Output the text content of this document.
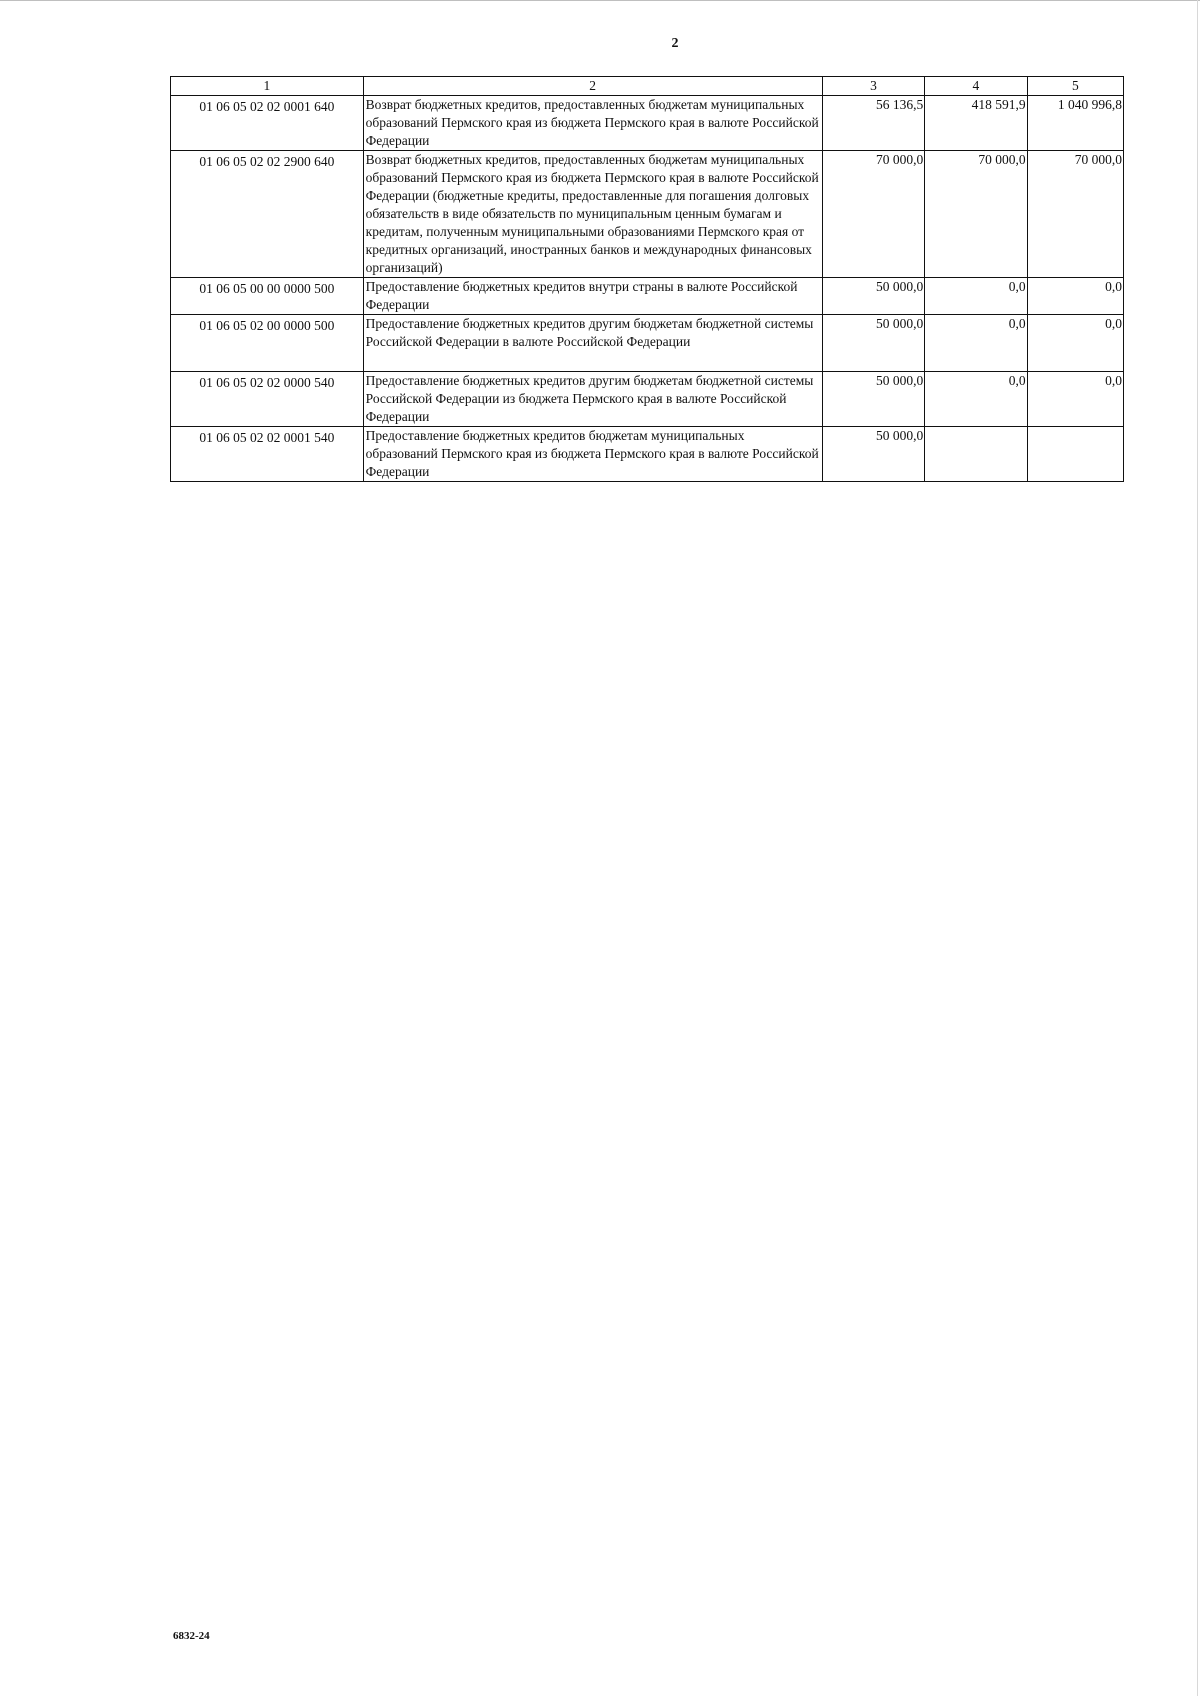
2
1	2	3	4	5
01 06 05 02 02 0001 640	Возврат бюджетных кредитов, предоставленных бюджетам муниципальных образований Пермского края из бюджета Пермского края в валюте Российской Федерации	56 136,5	418 591,9	1 040 996,8
01 06 05 02 02 2900 640	Возврат бюджетных кредитов, предоставленных бюджетам муниципальных образований Пермского края из бюджета Пермского края в валюте Российской Федерации (бюджетные кредиты, предоставленные для погашения долговых обязательств в виде обязательств по муниципальным ценным бумагам и кредитам, полученным муниципальными образованиями Пермского края от кредитных организаций, иностранных банков и международных финансовых организаций)	70 000,0	70 000,0	70 000,0
01 06 05 00 00 0000 500	Предоставление бюджетных кредитов внутри страны в валюте Российской Федерации	50 000,0	0,0	0,0
01 06 05 02 00 0000 500	Предоставление бюджетных кредитов другим бюджетам бюджетной системы Российской Федерации в валюте Российской Федерации	50 000,0	0,0	0,0
01 06 05 02 02 0000 540	Предоставление бюджетных кредитов другим бюджетам бюджетной системы Российской Федерации из бюджета Пермского края в валюте Российской Федерации	50 000,0	0,0	0,0
01 06 05 02 02 0001 540	Предоставление бюджетных кредитов бюджетам муниципальных образований Пермского края из бюджета Пермского края в валюте Российской Федерации	50 000,0		
6832-24
